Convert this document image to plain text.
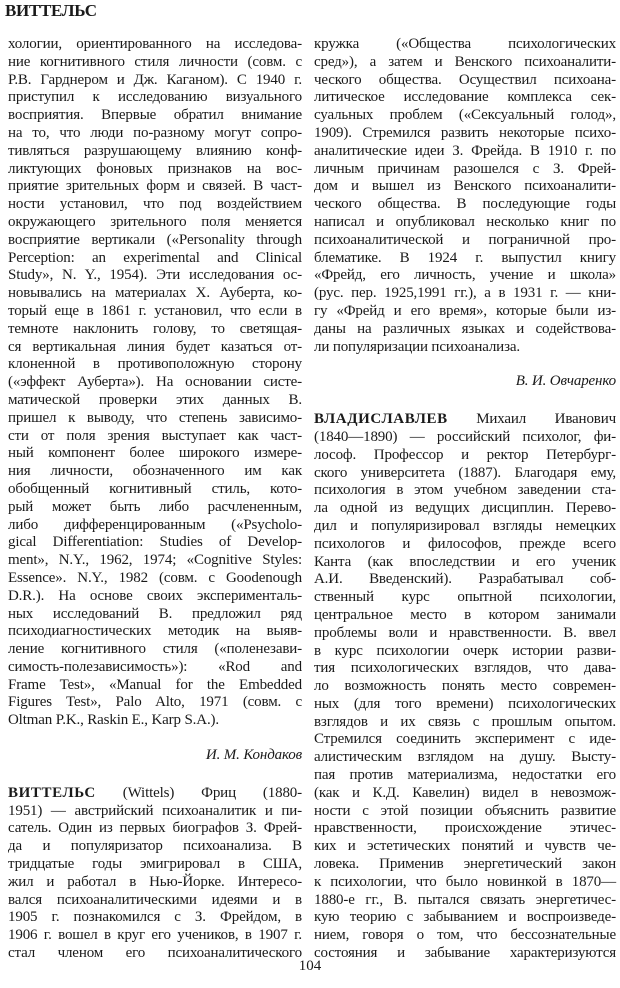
ВИТТЕЛЬС
хологии, ориентированного на исследова-
ние когнитивного стиля личности (совм. с
Р.В. Гарднером и Дж. Каганом). С 1940 г.
приступил к исследованию визуального
восприятия. Впервые обратил внимание
на то, что люди по-разному могут сопро-
тивляться разрушающему влиянию конф-
ликтующих фоновых признаков на вос-
приятие зрительных форм и связей. В част-
ности установил, что под воздействием
окружающего зрительного поля меняется
восприятие вертикали («Personality through
Perception: an experimental and Clinical
Study», N. Y., 1954). Эти исследования ос-
новывались на материалах Х. Ауберта, ко-
торый еще в 1861 г. установил, что если в
темноте наклонить голову, то светящая-
ся вертикальная линия будет казаться от-
клоненной в противоположную сторону
(«эффект Ауберта»). На основании систе-
матической проверки этих данных В.
пришел к выводу, что степень зависимо-
сти от поля зрения выступает как част-
ный компонент более широкого измере-
ния личности, обозначенного им как
обобщенный когнитивный стиль, кото-
рый может быть либо расчлененным,
либо дифференцированным («Psycholo-
gical Differentiation: Studies of Develop-
ment», N.Y., 1962, 1974; «Cognitive Styles:
Essence». N.Y., 1982 (совм. с Goodenough
D.R.). На основе своих эксперименталь-
ных исследований В. предложил ряд
психодиагностических методик на выяв-
ление когнитивного стиля («поленезави-
симость-полезависимость»): «Rod and
Frame Test», «Manual for the Embedded
Figures Test», Palo Alto, 1971 (совм. с
Oltman P.K., Raskin E., Karp S.A.).
И. М. Кондаков
ВИТТЕЛЬС (Wittels) Фриц (1880-
1951) — австрийский психоаналитик и пи-
сатель. Один из первых биографов З. Фрей-
да и популяризатор психоанализа. В
тридцатые годы эмигрировал в США,
жил и работал в Нью-Йорке. Интересо-
вался психоаналитическими идеями и в
1905 г. познакомился с З. Фрейдом, в
1906 г. вошел в круг его учеников, в 1907 г.
стал членом его психоаналитического
кружка («Общества психологических
сред»), а затем и Венского психоаналити-
ческого общества. Осуществил психоана-
литическое исследование комплекса сек-
суальных проблем («Сексуальный голод»,
1909). Стремился развить некоторые психо-
аналитические идеи З. Фрейда. В 1910 г. по
личным причинам разошелся с З. Фрей-
дом и вышел из Венского психоаналити-
ческого общества. В последующие годы
написал и опубликовал несколько книг по
психоаналитической и пограничной про-
блематике. В 1924 г. выпустил книгу
«Фрейд, его личность, учение и школа»
(рус. пер. 1925,1991 гг.), а в 1931 г. — кни-
гу «Фрейд и его время», которые были из-
даны на различных языках и содействова-
ли популяризации психоанализа.
В. И. Овчаренко
ВЛАДИСЛАВЛЕВ Михаил Иванович
(1840—1890) — российский психолог, фи-
лософ. Профессор и ректор Петербург-
ского университета (1887). Благодаря ему,
психология в этом учебном заведении ста-
ла одной из ведущих дисциплин. Перево-
дил и популяризировал взгляды немецких
психологов и философов, прежде всего
Канта (как впоследствии и его ученик
А.И. Введенский). Разрабатывал соб-
ственный курс опытной психологии,
центральное место в котором занимали
проблемы воли и нравственности. В. ввел
в курс психологии очерк истории разви-
тия психологических взглядов, что дава-
ло возможность понять место современ-
ных (для того времени) психологических
взглядов и их связь с прошлым опытом.
Стремился соединить эксперимент с иде-
алистическим взглядом на душу. Высту-
пая против материализма, недостатки его
(как и К.Д. Кавелин) видел в невозмож-
ности с этой позиции объяснить развитие
нравственности, происхождение этичес-
ких и эстетических понятий и чувств че-
ловека. Применив энергетический закон
к психологии, что было новинкой в 1870—
1880-е гг., В. пытался связать энергетичес-
кую теорию с забыванием и воспроизведе-
нием, говоря о том, что бессознательные
состояния и забывание характеризуются
104
